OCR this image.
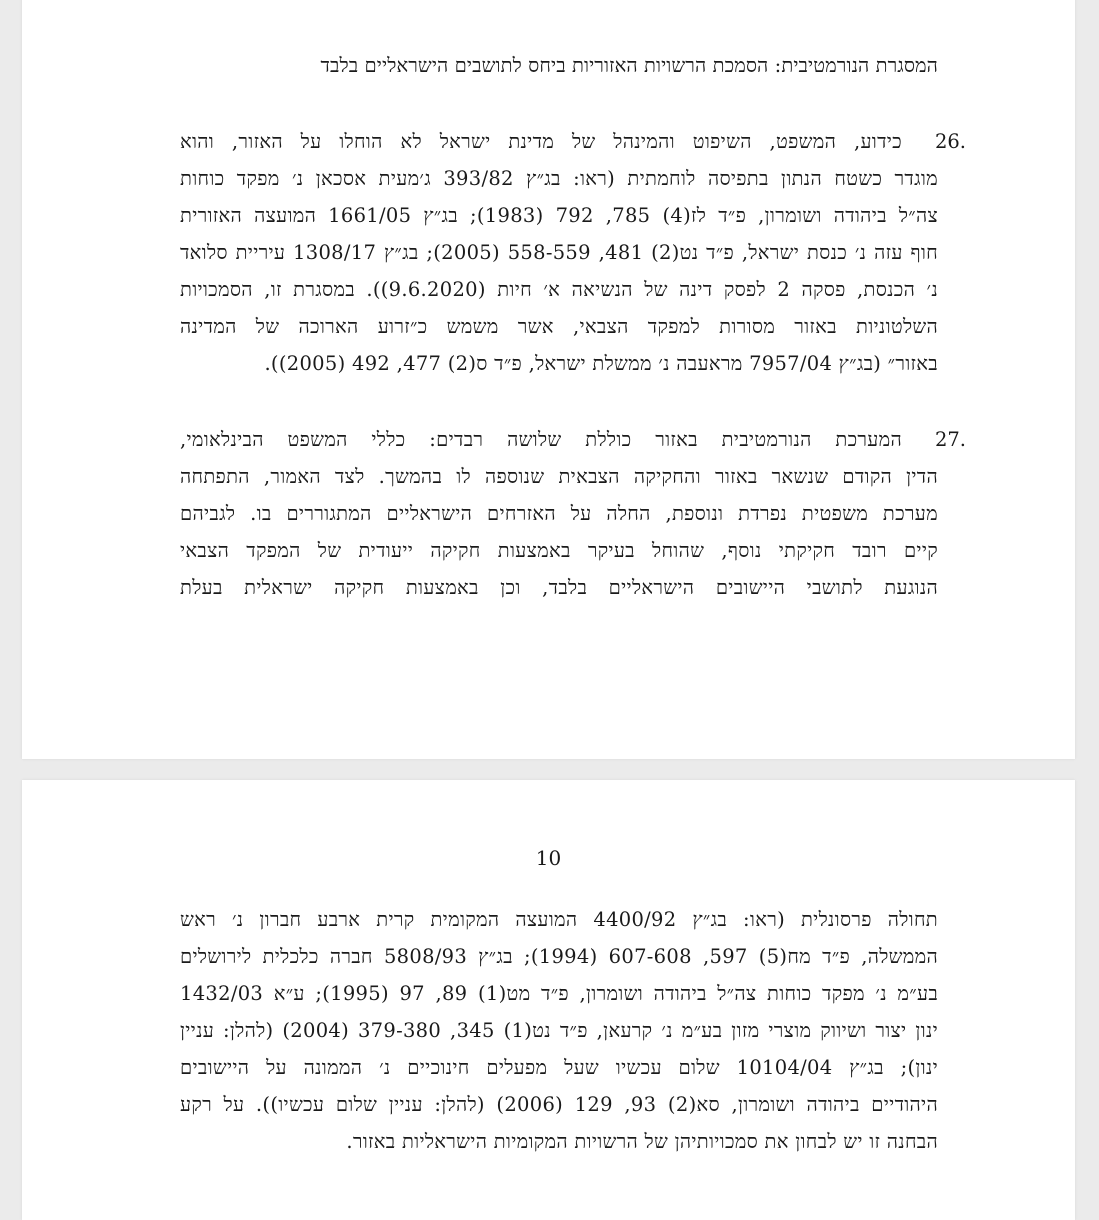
המסגרת הנורמטיבית: הסמכת הרשויות האזוריות ביחס לתושבים הישראליים בלבד
26.
כידוע, המשפט, השיפוט והמינהל של מדינת ישראל לא הוחלו על האזור, והוא
מוגדר כשטח הנתון בתפיסה לוחמתית (ראו: בג״ץ 393/82 ג׳מעית אסכאן נ׳ מפקד כוחות
צה״ל ביהודה ושומרון, פ״ד לז(4) 785, 792 (1983); בג״ץ 1661/05 המועצה האזורית
חוף עזה נ׳ כנסת ישראל, פ״ד נט(2) 481, 558-559 (2005); בג״ץ 1308/17 עיריית סלואד
נ׳ הכנסת, פסקה 2 לפסק דינה של הנשיאה א׳ חיות (9.6.2020)). במסגרת זו, הסמכויות
השלטוניות באזור מסורות למפקד הצבאי, אשר משמש כ״זרוע הארוכה של המדינה
באזור״ (בג״ץ 7957/04 מראעבה נ׳ ממשלת ישראל, פ״ד ס(2) 477, 492 (2005)).
27.
המערכת הנורמטיבית באזור כוללת שלושה רבדים: כללי המשפט הבינלאומי,
הדין הקודם שנשאר באזור והחקיקה הצבאית שנוספה לו בהמשך. לצד האמור, התפתחה
מערכת משפטית נפרדת ונוספת, החלה על האזרחים הישראליים המתגוררים בו. לגביהם
קיים רובד חקיקתי נוסף, שהוחל בעיקר באמצעות חקיקה ייעודית של המפקד הצבאי
הנוגעת לתושבי היישובים הישראליים בלבד, וכן באמצעות חקיקה ישראלית בעלת
10
תחולה פרסונלית (ראו: בג״ץ 4400/92 המועצה המקומית קרית ארבע חברון נ׳ ראש
הממשלה, פ״ד מח(5) 597, 607-608 (1994); בג״ץ 5808/93 חברה כלכלית לירושלים
בע״מ נ׳ מפקד כוחות צה״ל ביהודה ושומרון, פ״ד מט(1) 89, 97 (1995); ע״א 1432/03
ינון יצור ושיווק מוצרי מזון בע״מ נ׳ קרעאן, פ״ד נט(1) 345, 379-380 (2004) (להלן: עניין
ינון); בג״ץ 10104/04 שלום עכשיו שעל מפעלים חינוכיים נ׳ הממונה על היישובים
היהודיים ביהודה ושומרון, סא(2) 93, 129 (2006) (להלן: עניין שלום עכשיו)). על רקע
הבחנה זו יש לבחון את סמכויותיהן של הרשויות המקומיות הישראליות באזור.
